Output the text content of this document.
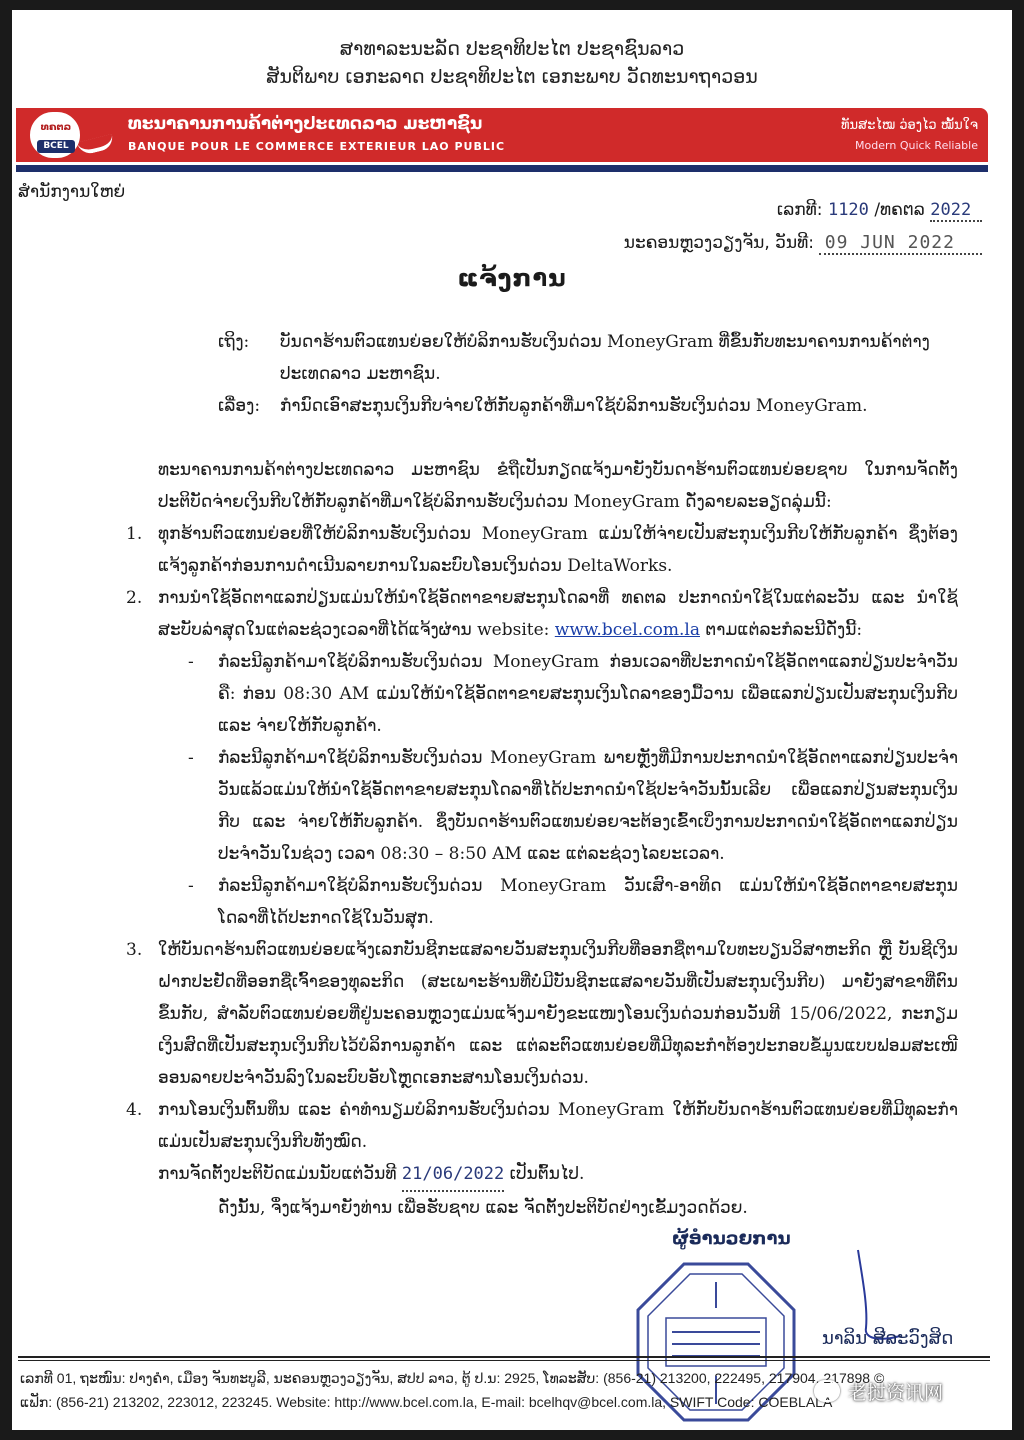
ສາທາລະນະລັດ ປະຊາທິປະໄຕ ປະຊາຊົນລາວ
ສັນຕິພາບ ເອກະລາດ ປະຊາທິປະໄຕ ເອກະພາບ ວັດທະນາຖາວອນ
ທຄຕລ
BCEL
ທະນາຄານການຄ້າຕ່າງປະເທດລາວ ມະຫາຊົນ
BANQUE POUR LE COMMERCE EXTERIEUR LAO PUBLIC
ທັນສະໄໝ ວ່ອງໄວ ໝັ້ນໃຈ
Modern Quick Reliable
ສໍານັກງານໃຫຍ່
ເລກທີ: 1120 /ທຄຕລ 2022
ນະຄອນຫຼວງວຽງຈັນ, ວັນທີ: 09 JUN 2022
ແຈ້ງການ
ເຖິງ: ບັນດາຮ້ານຕົວແທນຍ່ອຍໃຫ້ບໍລິການຮັບເງິນດ່ວນ MoneyGram ທີ່ຂຶ້ນກັບທະນາຄານການຄ້າຕ່າງປະເທດລາວ ມະຫາຊົນ.
ເລື່ອງ: ກໍານົດເອົາສະກຸນເງິນກີບຈ່າຍໃຫ້ກັບລູກຄ້າທີ່ມາໃຊ້ບໍລິການຮັບເງິນດ່ວນ MoneyGram.
ທະນາຄານການຄ້າຕ່າງປະເທດລາວ ມະຫາຊົນ ຂໍຖືເປັນກຽດແຈ້ງມາຍັງບັນດາຮ້ານຕົວແທນຍ່ອຍຊາບ ໃນການຈັດຕັ້ງປະຕິບັດຈ່າຍເງິນກີບໃຫ້ກັບລູກຄ້າທີ່ມາໃຊ້ບໍລິການຮັບເງິນດ່ວນ MoneyGram ດັ່ງລາຍລະອຽດລຸ່ມນີ້:
1. ທຸກຮ້ານຕົວແທນຍ່ອຍທີ່ໃຫ້ບໍລິການຮັບເງິນດ່ວນ MoneyGram ແມ່ນໃຫ້ຈ່າຍເປັນສະກຸນເງິນກີບໃຫ້ກັບລູກຄ້າ ຊຶ່ງຕ້ອງແຈ້ງລູກຄ້າກ່ອນການດໍາເນີນລາຍການໃນລະບົບໂອນເງິນດ່ວນ DeltaWorks.
2. ການນໍາໃຊ້ອັດຕາແລກປ່ຽນແມ່ນໃຫ້ນໍາໃຊ້ອັດຕາຂາຍສະກຸນໂດລາທີ່ ທຄຕລ ປະກາດນໍາໃຊ້ໃນແຕ່ລະວັນ ແລະ ນໍາໃຊ້ສະບັບລ່າສຸດໃນແຕ່ລະຊ່ວງເວລາທີ່ໄດ້ແຈ້ງຜ່ານ website: www.bcel.com.la ຕາມແຕ່ລະກໍລະນີດັ່ງນີ້:
- ກໍລະນີລູກຄ້າມາໃຊ້ບໍລິການຮັບເງິນດ່ວນ MoneyGram ກ່ອນເວລາທີ່ປະກາດນໍາໃຊ້ອັດຕາແລກປ່ຽນປະຈໍາວັນຄື: ກ່ອນ 08:30 AM ແມ່ນໃຫ້ນໍາໃຊ້ອັດຕາຂາຍສະກຸນເງິນໂດລາຂອງມື້ວານ ເພື່ອແລກປ່ຽນເປັນສະກຸນເງິນກີບ ແລະ ຈ່າຍໃຫ້ກັບລູກຄ້າ.
- ກໍລະນີລູກຄ້າມາໃຊ້ບໍລິການຮັບເງິນດ່ວນ MoneyGram ພາຍຫຼັງທີ່ມີການປະກາດນໍາໃຊ້ອັດຕາແລກປ່ຽນປະຈໍາວັນແລ້ວແມ່ນໃຫ້ນໍາໃຊ້ອັດຕາຂາຍສະກຸນໂດລາທີ່ໄດ້ປະກາດນໍາໃຊ້ປະຈໍາວັນນັ້ນເລີຍ ເພື່ອແລກປ່ຽນສະກຸນເງິນກີບ ແລະ ຈ່າຍໃຫ້ກັບລູກຄ້າ. ຊຶ່ງບັນດາຮ້ານຕົວແທນຍ່ອຍຈະຕ້ອງເຂົ້າເບິ່ງການປະກາດນໍາໃຊ້ອັດຕາແລກປ່ຽນປະຈໍາວັນໃນຊ່ວງ ເວລາ 08:30 – 8:50 AM ແລະ ແຕ່ລະຊ່ວງໄລຍະເວລາ.
- ກໍລະນີລູກຄ້າມາໃຊ້ບໍລິການຮັບເງິນດ່ວນ MoneyGram ວັນເສົາ-ອາທິດ ແມ່ນໃຫ້ນໍາໃຊ້ອັດຕາຂາຍສະກຸນໂດລາທີ່ໄດ້ປະກາດໃຊ້ໃນວັນສຸກ.
3. ໃຫ້ບັນດາຮ້ານຕົວແທນຍ່ອຍແຈ້ງເລກບັນຊີກະແສລາຍວັນສະກຸນເງິນກີບທີ່ອອກຊື່ຕາມໃບທະບຽນວິສາຫະກິດ ຫຼື ບັນຊີເງິນຝາກປະຢັດທີ່ອອກຊື່ເຈົ້າຂອງທຸລະກິດ (ສະເພາະຮ້ານທີ່ບໍ່ມີບັນຊີກະແສລາຍວັນທີ່ເປັນສະກຸນເງິນກີບ) ມາຍັງສາຂາທີ່ຕົນຂຶ້ນກັບ, ສໍາລັບຕົວແທນຍ່ອຍທີ່ຢູ່ນະຄອນຫຼວງແມ່ນແຈ້ງມາຍັງຂະແໜງໂອນເງິນດ່ວນກ່ອນວັນທີ 15/06/2022, ກະກຽມເງິນສົດທີ່ເປັນສະກຸນເງິນກີບໄວ້ບໍລິການລູກຄ້າ ແລະ ແຕ່ລະຕົວແທນຍ່ອຍທີ່ມີທຸລະກໍາຕ້ອງປະກອບຂໍ້ມູນແບບຟອມສະເໜີອອນລາຍປະຈໍາວັນລົງໃນລະບົບອັບໂຫຼດເອກະສານໂອນເງິນດ່ວນ.
4. ການໂອນເງິນຕົ້ນທຶນ ແລະ ຄ່າທໍານຽມບໍລິການຮັບເງິນດ່ວນ MoneyGram ໃຫ້ກັບບັນດາຮ້ານຕົວແທນຍ່ອຍທີ່ມີທຸລະກໍາແມ່ນເປັນສະກຸນເງິນກີບທັງໝົດ.
ການຈັດຕັ້ງປະຕິບັດແມ່ນນັບແຕ່ວັນທີ 21/06/2022 ເປັນຕົ້ນໄປ.
ດັ່ງນັ້ນ, ຈຶ່ງແຈ້ງມາຍັງທ່ານ ເພື່ອຮັບຊາບ ແລະ ຈັດຕັ້ງປະຕິບັດຢ່າງເຂັ້ມງວດດ້ວຍ.
ຜູ້ອໍານວຍການ
ນາລິນ ສີລະວົງສິດ
ເລກທີ 01, ຖະໜົນ: ປາງຄໍາ, ເມືອງ ຈັນທະບູລີ, ນະຄອນຫຼວງວຽງຈັນ, ສປປ ລາວ, ຕູ້ ປ.ນ: 2925, ໂທລະສັບ: (856-21) 213200, 222495, 217904, 217898 ©
ແຟັກ: (856-21) 213202, 223012, 223245. Website: http://www.bcel.com.la, E-mail: bcelhqv@bcel.com.la, SWIFT Code: COEBLALA 老挝资讯网
